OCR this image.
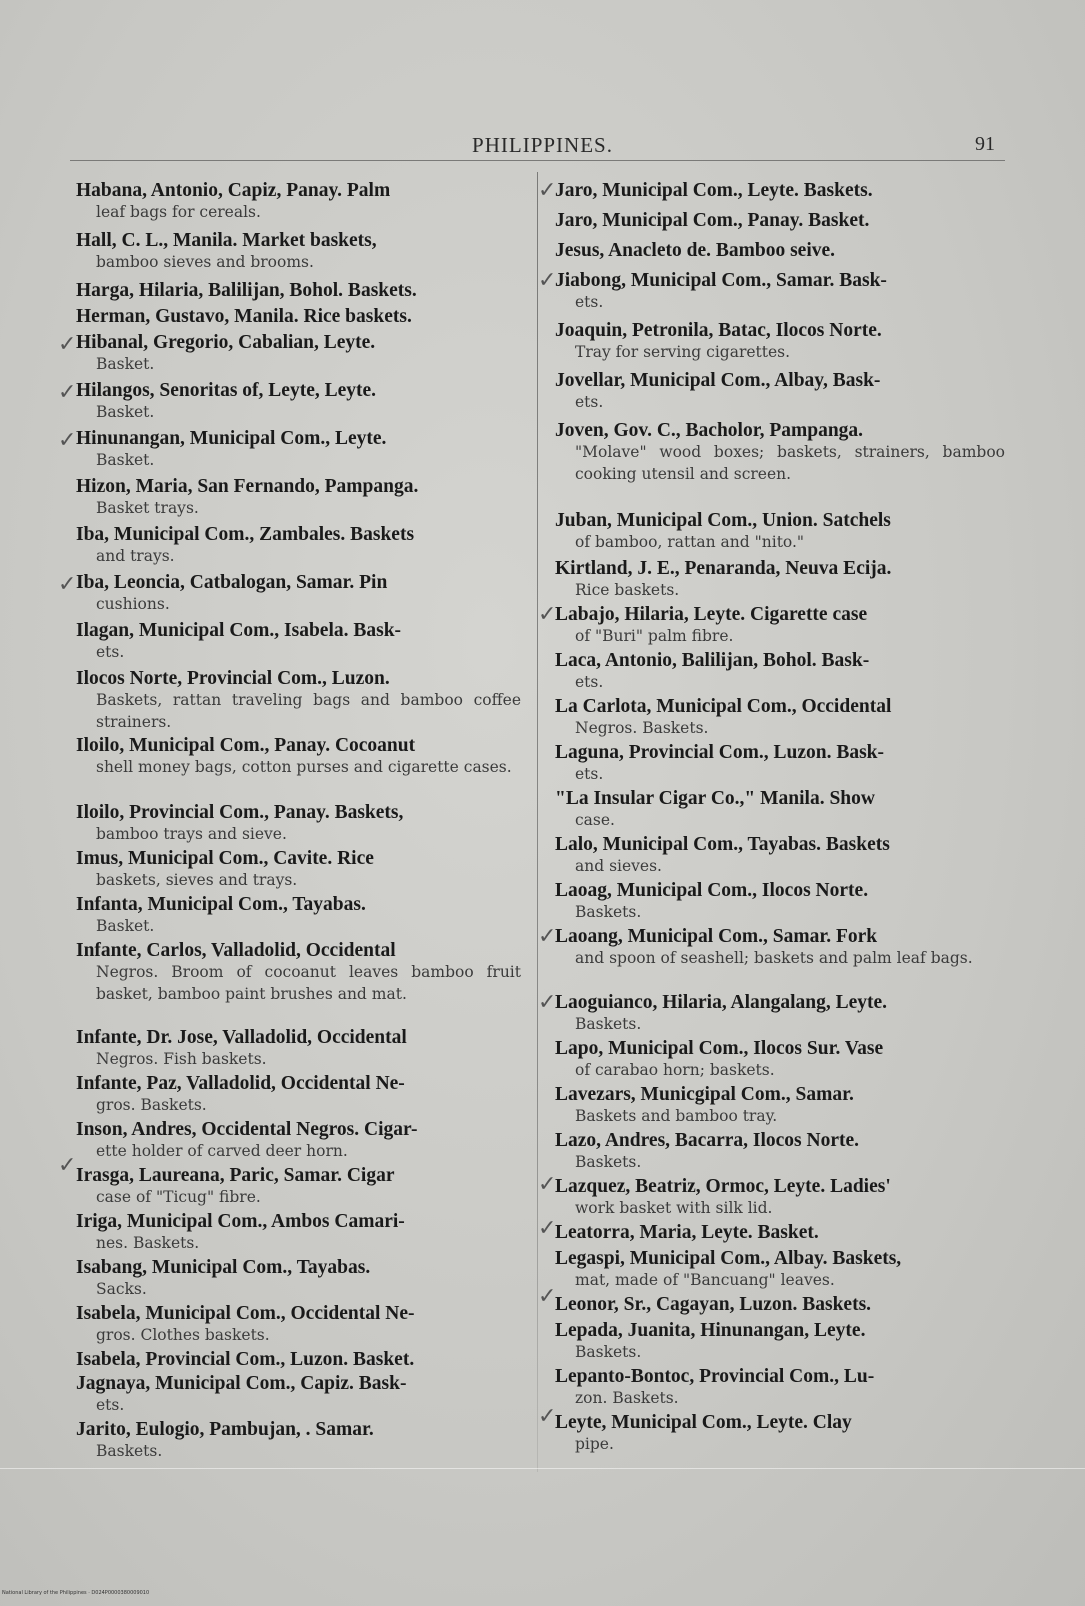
PHILIPPINES.	91
Habana, Antonio, Capiz, Panay. Palm
leaf bags for cereals.
Hall, C. L., Manila. Market baskets,
bamboo sieves and brooms.
Harga, Hilaria, Balilijan, Bohol. Baskets.
Herman, Gustavo, Manila. Rice baskets.
Hibanal, Gregorio, Cabalian, Leyte.
Basket.
Hilangos, Senoritas of, Leyte, Leyte.
Basket.
Hinunangan, Municipal Com., Leyte.
Basket.
Hizon, Maria, San Fernando, Pampanga.
Basket trays.
Iba, Municipal Com., Zambales. Baskets
and trays.
Iba, Leoncia, Catbalogan, Samar. Pin
cushions.
Ilagan, Municipal Com., Isabela. Bask-
ets.
Ilocos Norte, Provincial Com., Luzon.
Baskets, rattan traveling bags and bamboo coffee strainers.
Iloilo, Municipal Com., Panay. Cocoanut
shell money bags, cotton purses and cigarette cases.
Iloilo, Provincial Com., Panay. Baskets,
bamboo trays and sieve.
Imus, Municipal Com., Cavite. Rice
baskets, sieves and trays.
Infanta, Municipal Com., Tayabas.
Basket.
Infante, Carlos, Valladolid, Occidental
Negros. Broom of cocoanut leaves bamboo fruit basket, bamboo paint brushes and mat.
Infante, Dr. Jose, Valladolid, Occidental
Negros. Fish baskets.
Infante, Paz, Valladolid, Occidental Ne-
gros. Baskets.
Inson, Andres, Occidental Negros. Cigar-
ette holder of carved deer horn.
Irasga, Laureana, Paric, Samar. Cigar
case of "Ticug" fibre.
Iriga, Municipal Com., Ambos Camari-
nes. Baskets.
Isabang, Municipal Com., Tayabas.
Sacks.
Isabela, Municipal Com., Occidental Ne-
gros. Clothes baskets.
Isabela, Provincial Com., Luzon. Basket.
Jagnaya, Municipal Com., Capiz. Bask-
ets.
Jarito, Eulogio, Pambujan, . Samar.
Baskets.
Jaro, Municipal Com., Leyte. Baskets.
Jaro, Municipal Com., Panay. Basket.
Jesus, Anacleto de. Bamboo seive.
Jiabong, Municipal Com., Samar. Bask-
ets.
Joaquin, Petronila, Batac, Ilocos Norte.
Tray for serving cigarettes.
Jovellar, Municipal Com., Albay, Bask-
ets.
Joven, Gov. C., Bacholor, Pampanga.
"Molave" wood boxes; baskets, strainers, bamboo cooking utensil and screen.
Juban, Municipal Com., Union. Satchels
of bamboo, rattan and "nito."
Kirtland, J. E., Penaranda, Neuva Ecija.
Rice baskets.
Labajo, Hilaria, Leyte. Cigarette case
of "Buri" palm fibre.
Laca, Antonio, Balilijan, Bohol. Bask-
ets.
La Carlota, Municipal Com., Occidental
Negros. Baskets.
Laguna, Provincial Com., Luzon. Bask-
ets.
"La Insular Cigar Co.," Manila. Show
case.
Lalo, Municipal Com., Tayabas. Baskets
and sieves.
Laoag, Municipal Com., Ilocos Norte.
Baskets.
Laoang, Municipal Com., Samar. Fork
and spoon of seashell; baskets and palm leaf bags.
Laoguianco, Hilaria, Alangalang, Leyte.
Baskets.
Lapo, Municipal Com., Ilocos Sur. Vase
of carabao horn; baskets.
Lavezars, Municgipal Com., Samar.
Baskets and bamboo tray.
Lazo, Andres, Bacarra, Ilocos Norte.
Baskets.
Lazquez, Beatriz, Ormoc, Leyte. Ladies'
work basket with silk lid.
Leatorra, Maria, Leyte. Basket.
Legaspi, Municipal Com., Albay. Baskets,
mat, made of "Bancuang" leaves.
Leonor, Sr., Cagayan, Luzon. Baskets.
Lepada, Juanita, Hinunangan, Leyte.
Baskets.
Lepanto-Bontoc, Provincial Com., Lu-
zon. Baskets.
Leyte, Municipal Com., Leyte. Clay
pipe.
✓
✓
✓
✓
✓
✓
✓
✓
✓
✓
✓
✓
✓
✓
National Library of the Philippines · D024P0000380009010
